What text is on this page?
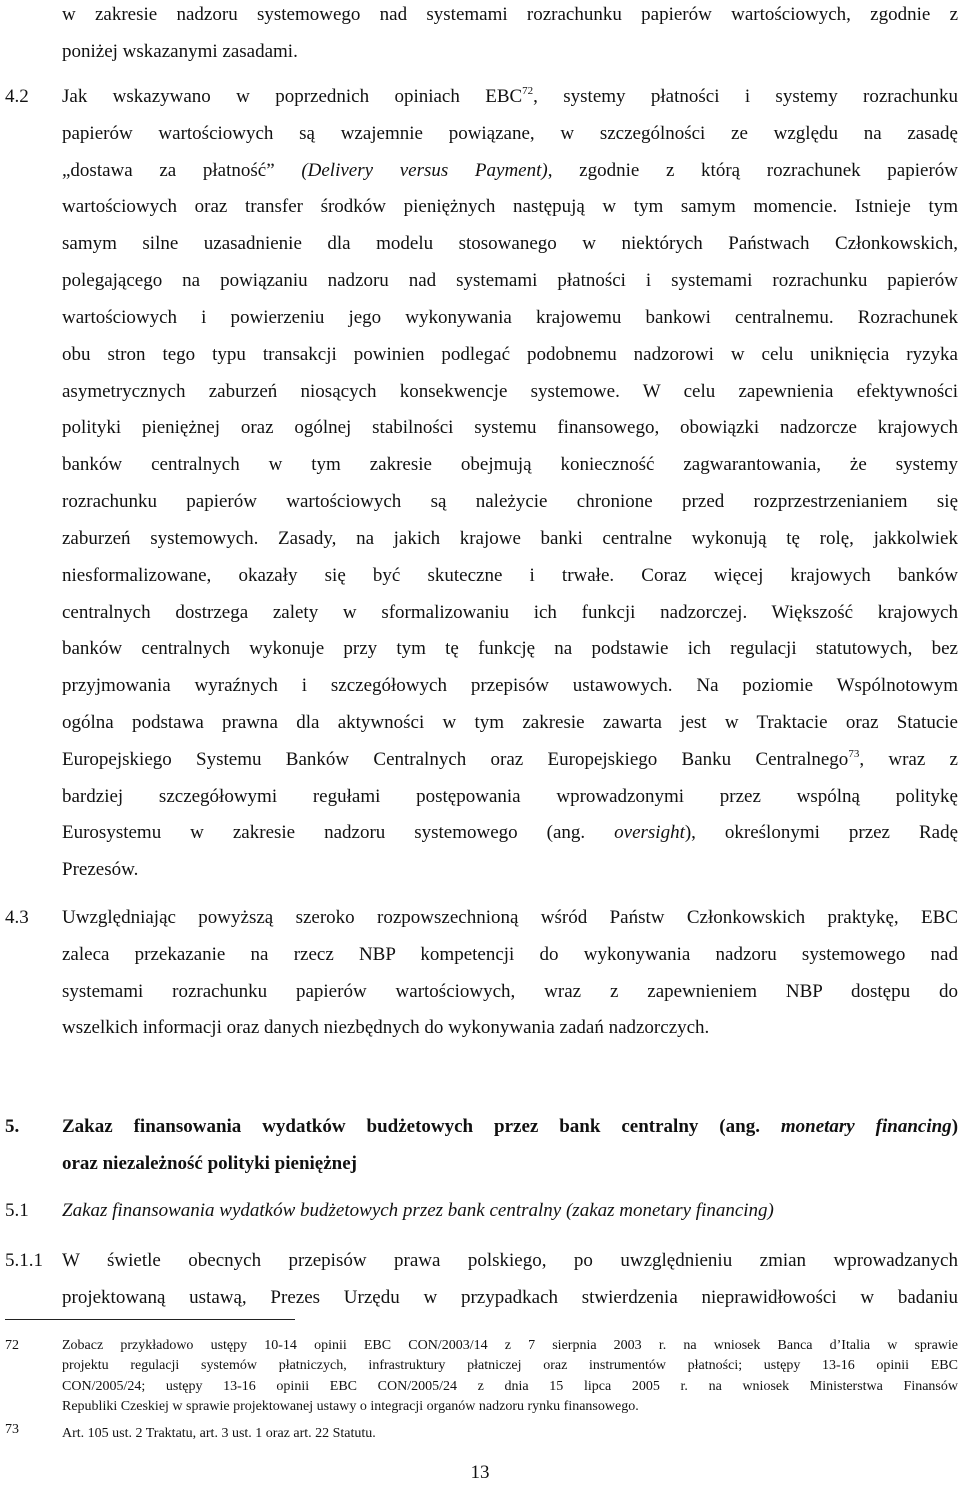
w zakresie nadzoru systemowego nad systemami rozrachunku papierów wartościowych, zgodnie z
poniżej wskazanymi zasadami.
4.2 Jak wskazywano w poprzednich opiniach EBC$^{72}$, systemy płatności i systemy rozrachunku
papierów wartościowych są wzajemnie powiązane, w szczególności ze względu na zasadę
„dostawa za płatność” (Delivery versus Payment), zgodnie z którą rozrachunek papierów
wartościowych oraz transfer środków pieniężnych następują w tym samym momencie. Istnieje tym
samym silne uzasadnienie dla modelu stosowanego w niektórych Państwach Członkowskich,
polegającego na powiązaniu nadzoru nad systemami płatności i systemami rozrachunku papierów
wartościowych i powierzeniu jego wykonywania krajowemu bankowi centralnemu. Rozrachunek
obu stron tego typu transakcji powinien podlegać podobnemu nadzorowi w celu uniknięcia ryzyka
asymetrycznych zaburzeń niosących konsekwencje systemowe. W celu zapewnienia efektywności
polityki pieniężnej oraz ogólnej stabilności systemu finansowego, obowiązki nadzorcze krajowych
banków centralnych w tym zakresie obejmują konieczność zagwarantowania, że systemy
rozrachunku papierów wartościowych są należycie chronione przed rozprzestrzenianiem się
zaburzeń systemowych. Zasady, na jakich krajowe banki centralne wykonują tę rolę, jakkolwiek
niesformalizowane, okazały się być skuteczne i trwałe. Coraz więcej krajowych banków
centralnych dostrzega zalety w sformalizowaniu ich funkcji nadzorczej. Większość krajowych
banków centralnych wykonuje przy tym tę funkcję na podstawie ich regulacji statutowych, bez
przyjmowania wyraźnych i szczegółowych przepisów ustawowych. Na poziomie Wspólnotowym
ogólna podstawa prawna dla aktywności w tym zakresie zawarta jest w Traktacie oraz Statucie
Europejskiego Systemu Banków Centralnych oraz Europejskiego Banku Centralnego$^{73}$, wraz z
bardziej szczegółowymi regułami postępowania wprowadzonymi przez wspólną politykę
Eurosystemu w zakresie nadzoru systemowego (ang. oversight), określonymi przez Radę
Prezesów.
4.3 Uwzględniając powyższą szeroko rozpowszechnioną wśród Państw Członkowskich praktykę, EBC
zaleca przekazanie na rzecz NBP kompetencji do wykonywania nadzoru systemowego nad
systemami rozrachunku papierów wartościowych, wraz z zapewnieniem NBP dostępu do
wszelkich informacji oraz danych niezbędnych do wykonywania zadań nadzorczych.
5. Zakaz finansowania wydatków budżetowych przez bank centralny (ang. monetary financing)
oraz niezależność polityki pieniężnej
5.1 Zakaz finansowania wydatków budżetowych przez bank centralny (zakaz monetary financing)
5.1.1 W świetle obecnych przepisów prawa polskiego, po uwzględnieniu zmian wprowadzanych
projektowaną ustawą, Prezes Urzędu w przypadkach stwierdzenia nieprawidłowości w badaniu
72	Zobacz przykładowo ustępy 10-14 opinii EBC CON/2003/14 z 7 sierpnia 2003 r. na wniosek Banca d’Italia w sprawie
projektu regulacji systemów płatniczych, infrastruktury płatniczej oraz instrumentów płatności; ustępy 13-16 opinii EBC
CON/2005/24; ustępy 13-16 opinii EBC CON/2005/24 z dnia 15 lipca 2005 r. na wniosek Ministerstwa Finansów
Republiki Czeskiej w sprawie projektowanej ustawy o integracji organów nadzoru rynku finansowego.
73	Art. 105 ust. 2 Traktatu, art. 3 ust. 1 oraz art. 22 Statutu.
13
